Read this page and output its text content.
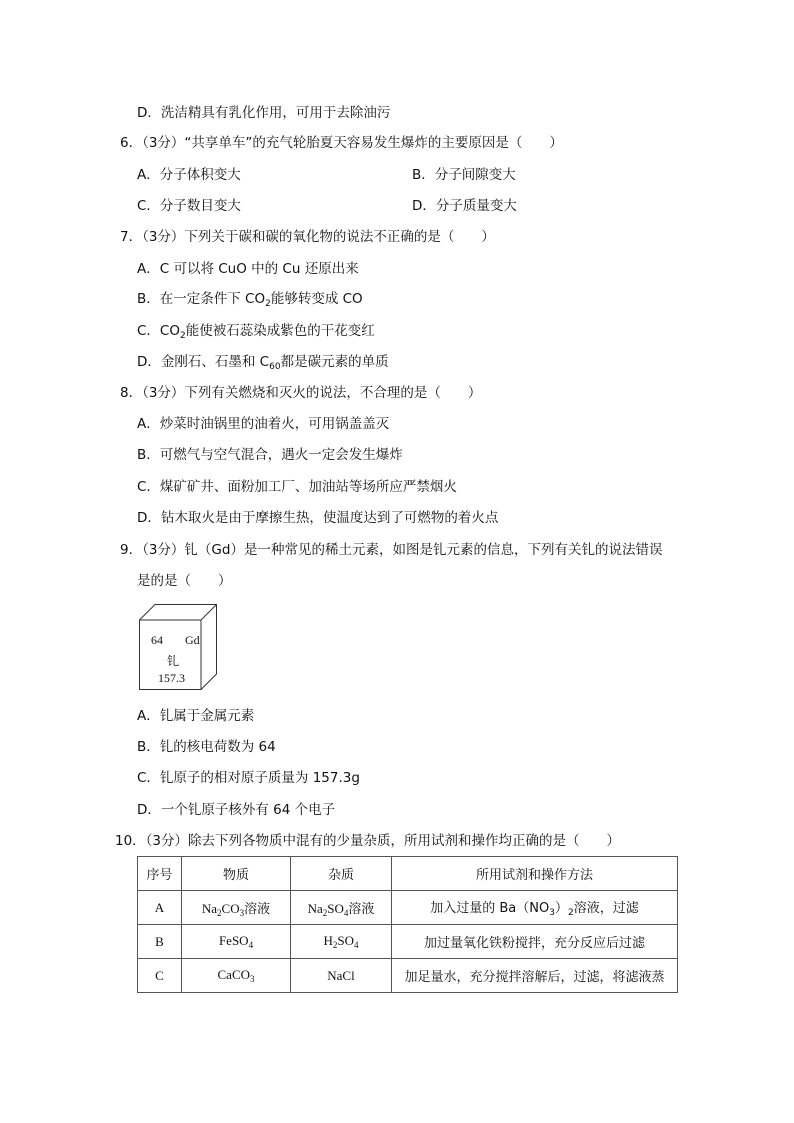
D．洗洁精具有乳化作用，可用于去除油污
6．（3分）“共享单车”的充气轮胎夏天容易发生爆炸的主要原因是（　　）
A．分子体积变大	B．分子间隙变大
C．分子数目变大	D．分子质量变大
7．（3分）下列关于碳和碳的氧化物的说法不正确的是（　　）
A．C 可以将 CuO 中的 Cu 还原出来
B．在一定条件下 $CO_2$能够转变成 CO
C．$CO_2$能使被石蕊染成紫色的干花变红
D．金刚石、石墨和 $C_{60}$都是碳元素的单质
8．（3分）下列有关燃烧和灭火的说法，不合理的是（　　）
A．炒菜时油锅里的油着火，可用锅盖盖灭
B．可燃气与空气混合，遇火一定会发生爆炸
C．煤矿矿井、面粉加工厂、加油站等场所应严禁烟火
D．钻木取火是由于摩擦生热，使温度达到了可燃物的着火点
9．（3分）钆（Gd）是一种常见的稀土元素，如图是钆元素的信息，下列有关钆的说法错误
是的是（　　）
64 Gd
钆
157.3
A．钆属于金属元素
B．钆的核电荷数为 64
C．钆原子的相对原子质量为 157.3g
D．一个钆原子核外有 64 个电子
10．（3分）除去下列各物质中混有的少量杂质，所用试剂和操作均正确的是（　　）
序号	物质	杂质	所用试剂和操作方法
A	$Na_2CO_3$溶液	$Na_2SO_4$溶液	加入过量的 $Ba(NO_3)_2$溶液，过滤
B	FeSO$_4$	$H_2SO_4$	加过量氧化铁粉搅拌，充分反应后过滤
C	CaCO$_3$	NaCl	加足量水，充分搅拌溶解后，过滤，将滤液蒸
